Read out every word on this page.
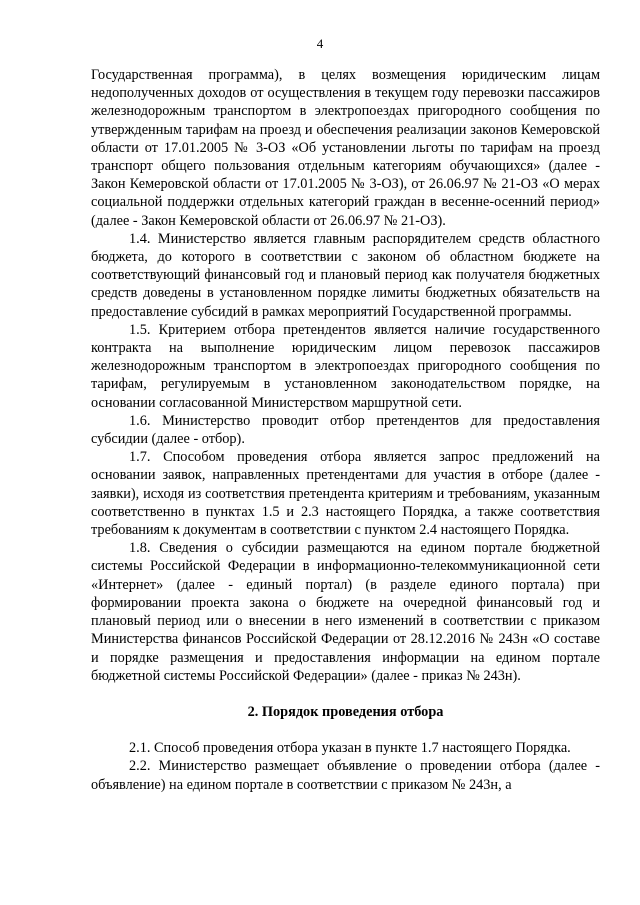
4

Государственная программа), в целях возмещения юридическим лицам недополученных доходов от осуществления в текущем году перевозки пассажиров железнодорожным транспортом в электропоездах пригородного сообщения по утвержденным тарифам на проезд и обеспечения реализации законов Кемеровской области от 17.01.2005 № 3-ОЗ «Об установлении льготы по тарифам на проезд транспорт общего пользования отдельным категориям обучающихся» (далее - Закон Кемеровской области от 17.01.2005 № 3-ОЗ), от 26.06.97 № 21-ОЗ «О мерах социальной поддержки отдельных категорий граждан в весенне-осенний период» (далее - Закон Кемеровской области от 26.06.97 № 21-ОЗ).

1.4. Министерство является главным распорядителем средств областного бюджета, до которого в соответствии с законом об областном бюджете на соответствующий финансовый год и плановый период как получателя бюджетных средств доведены в установленном порядке лимиты бюджетных обязательств на предоставление субсидий в рамках мероприятий Государственной программы.

1.5. Критерием отбора претендентов является наличие государственного контракта на выполнение юридическим лицом перевозок пассажиров железнодорожным транспортом в электропоездах пригородного сообщения по тарифам, регулируемым в установленном законодательством порядке, на основании согласованной Министерством маршрутной сети.

1.6. Министерство проводит отбор претендентов для предоставления субсидии (далее - отбор).

1.7. Способом проведения отбора является запрос предложений на основании заявок, направленных претендентами для участия в отборе (далее - заявки), исходя из соответствия претендента критериям и требованиям, указанным соответственно в пунктах 1.5 и 2.3 настоящего Порядка, а также соответствия требованиям к документам в соответствии с пунктом 2.4 настоящего Порядка.

1.8. Сведения о субсидии размещаются на едином портале бюджетной системы Российской Федерации в информационно-телекоммуникационной сети «Интернет» (далее - единый портал) (в разделе единого портала) при формировании проекта закона о бюджете на очередной финансовый год и плановый период или о внесении в него изменений в соответствии с приказом Министерства финансов Российской Федерации от 28.12.2016 № 243н «О составе и порядке размещения и предоставления информации на едином портале бюджетной системы Российской Федерации» (далее - приказ № 243н).

2. Порядок проведения отбора

2.1. Способ проведения отбора указан в пункте 1.7 настоящего Порядка.

2.2. Министерство размещает объявление о проведении отбора (далее - объявление) на едином портале в соответствии с приказом № 243н, а
